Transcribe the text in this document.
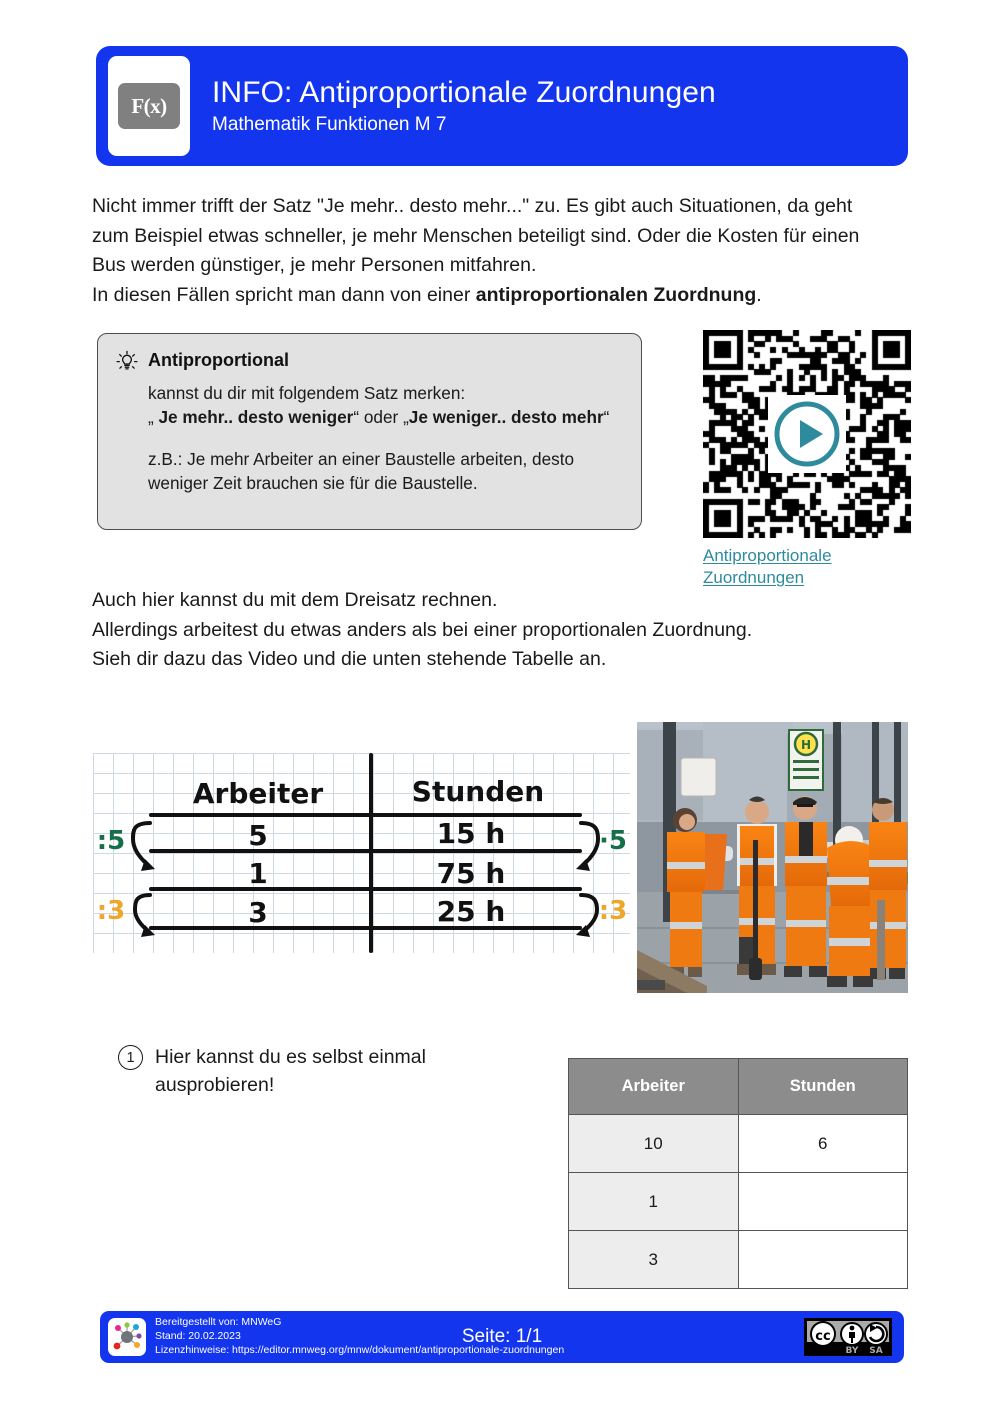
F(x)	INFO: Antiproportionale Zuordnungen
Mathematik Funktionen M 7
Nicht immer trifft der Satz "Je mehr.. desto mehr..." zu. Es gibt auch Situationen, da geht zum Beispiel etwas schneller, je mehr Menschen beteiligt sind. Oder die Kosten für einen Bus werden günstiger, je mehr Personen mitfahren.
In diesen Fällen spricht man dann von einer antiproportionalen Zuordnung.
Antiproportional
kannst du dir mit folgendem Satz merken:
„ Je mehr.. desto weniger“ oder „Je weniger.. desto mehr“
z.B.: Je mehr Arbeiter an einer Baustelle arbeiten, desto weniger Zeit brauchen sie für die Baustelle.
Antiproportionale
Zuordnungen
Auch hier kannst du mit dem Dreisatz rechnen.
Allerdings arbeitest du etwas anders als bei einer proportionalen Zuordnung.
Sieh dir dazu das Video und die unten stehende Tabelle an.
Arbeiter	Stunden
5	15 h
1	75 h
3	25 h
:5
:3
·5
:3
H
1	Hier kannst du es selbst einmal ausprobieren!	Arbeiter	Stunden
10	6
1	
3	
Bereitgestellt von: MNWeG
Stand: 20.02.2023
Lizenzhinweise: https://editor.mnweg.org/mnw/dokument/antiproportionale-zuordnungen
Seite: 1/1	cc
BY SA
